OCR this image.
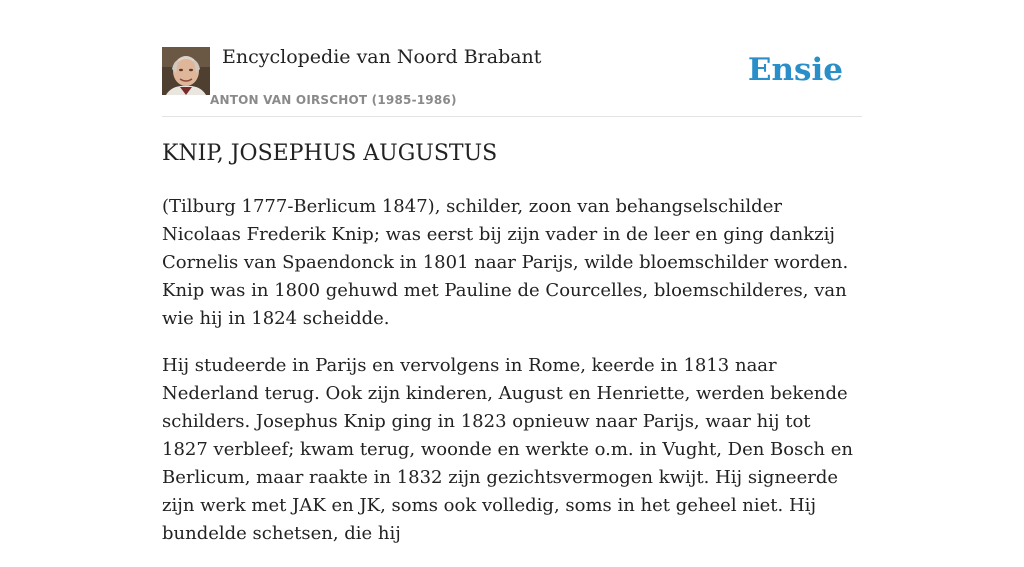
Encyclopedie van Noord Brabant
ANTON VAN OIRSCHOT (1985-1986)
Ensie
KNIP, JOSEPHUS AUGUSTUS

(Tilburg 1777-Berlicum 1847), schilder, zoon van behangselschilder Nicolaas Frederik Knip; was eerst bij zijn vader in de leer en ging dankzij Cornelis van Spaendonck in 1801 naar Parijs, wilde bloemschilder worden. Knip was in 1800 gehuwd met Pauline de Courcelles, bloemschilderes, van wie hij in 1824 scheidde.

Hij studeerde in Parijs en vervolgens in Rome, keerde in 1813 naar Nederland terug. Ook zijn kinderen, August en Henriette, werden bekende schilders. Josephus Knip ging in 1823 opnieuw naar Parijs, waar hij tot 1827 verbleef; kwam terug, woonde en werkte o.m. in Vught, Den Bosch en Berlicum, maar raakte in 1832 zijn gezichtsvermogen kwijt. Hij signeerde zijn werk met JAK en JK, soms ook volledig, soms in het geheel niet. Hij bundelde schetsen, die hij
